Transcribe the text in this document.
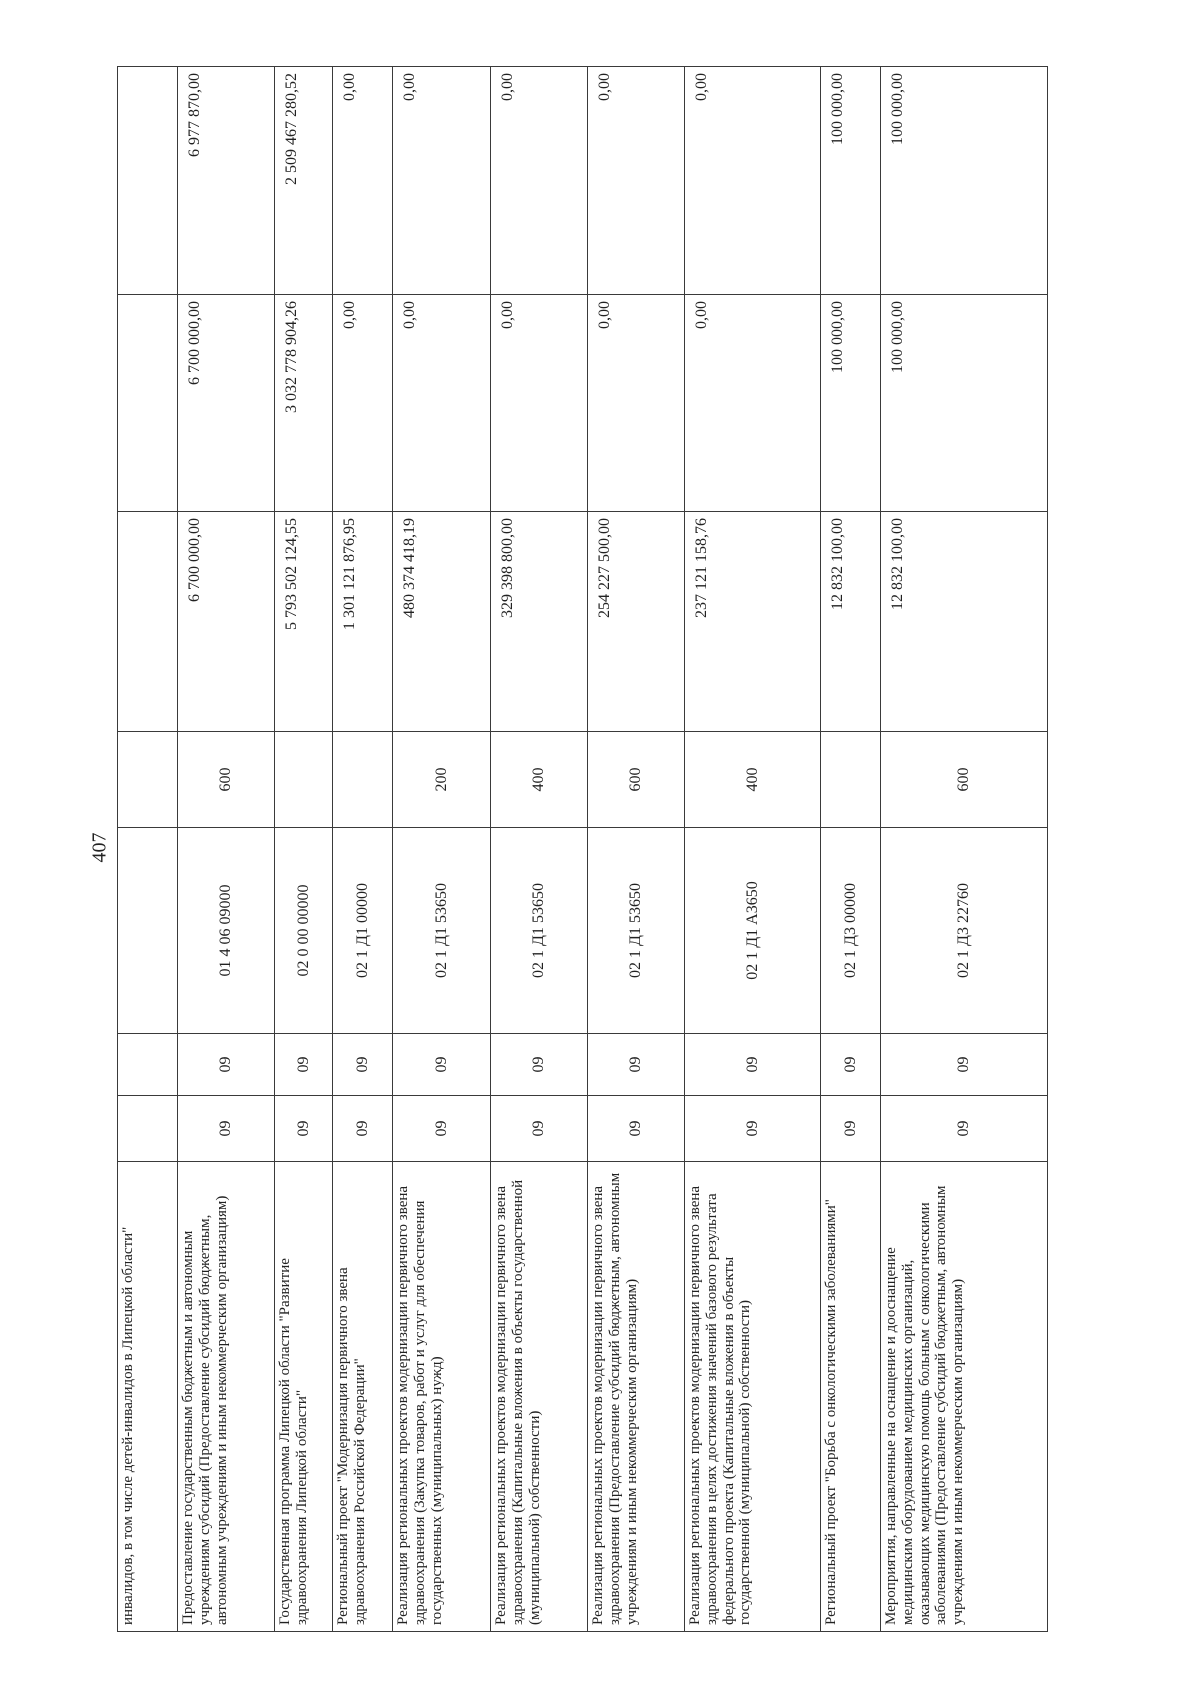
407
инвалидов, в том числе детей-инвалидов в Липецкой области"							
Предоставление государственным бюджетным и автономным учреждениям субсидий (Предоставление субсидий бюджетным, автономным учреждениям и иным некоммерческим организациям)	09	09	01 4 06 09000	600	6 700 000,00	6 700 000,00	6 977 870,00
Государственная программа Липецкой области "Развитие здравоохранения Липецкой области"	09	09	02 0 00 00000		5 793 502 124,55	3 032 778 904,26	2 509 467 280,52
Региональный проект "Модернизация первичного звена здравоохранения Российской Федерации"	09	09	02 1 Д1 00000		1 301 121 876,95	0,00	0,00
Реализация региональных проектов модернизации первичного звена здравоохранения (Закупка товаров, работ и услуг для обеспечения государственных (муниципальных) нужд)	09	09	02 1 Д1 53650	200	480 374 418,19	0,00	0,00
Реализация региональных проектов модернизации первичного звена здравоохранения (Капитальные вложения в объекты государственной (муниципальной) собственности)	09	09	02 1 Д1 53650	400	329 398 800,00	0,00	0,00
Реализация региональных проектов модернизации первичного звена здравоохранения (Предоставление субсидий бюджетным, автономным учреждениям и иным некоммерческим организациям)	09	09	02 1 Д1 53650	600	254 227 500,00	0,00	0,00
Реализация региональных проектов модернизации первичного звена здравоохранения в целях достижения значений базового результата федерального проекта (Капитальные вложения в объекты государственной (муниципальной) собственности)	09	09	02 1 Д1 А3650	400	237 121 158,76	0,00	0,00
Региональный проект "Борьба с онкологическими заболеваниями"	09	09	02 1 Д3 00000		12 832 100,00	100 000,00	100 000,00
Мероприятия, направленные на оснащение и дооснащение медицинским оборудованием медицинских организаций, оказывающих медицинскую помощь больным с онкологическими заболеваниями (Предоставление субсидий бюджетным, автономным учреждениям и иным некоммерческим организациям)	09	09	02 1 Д3 22760	600	12 832 100,00	100 000,00	100 000,00
